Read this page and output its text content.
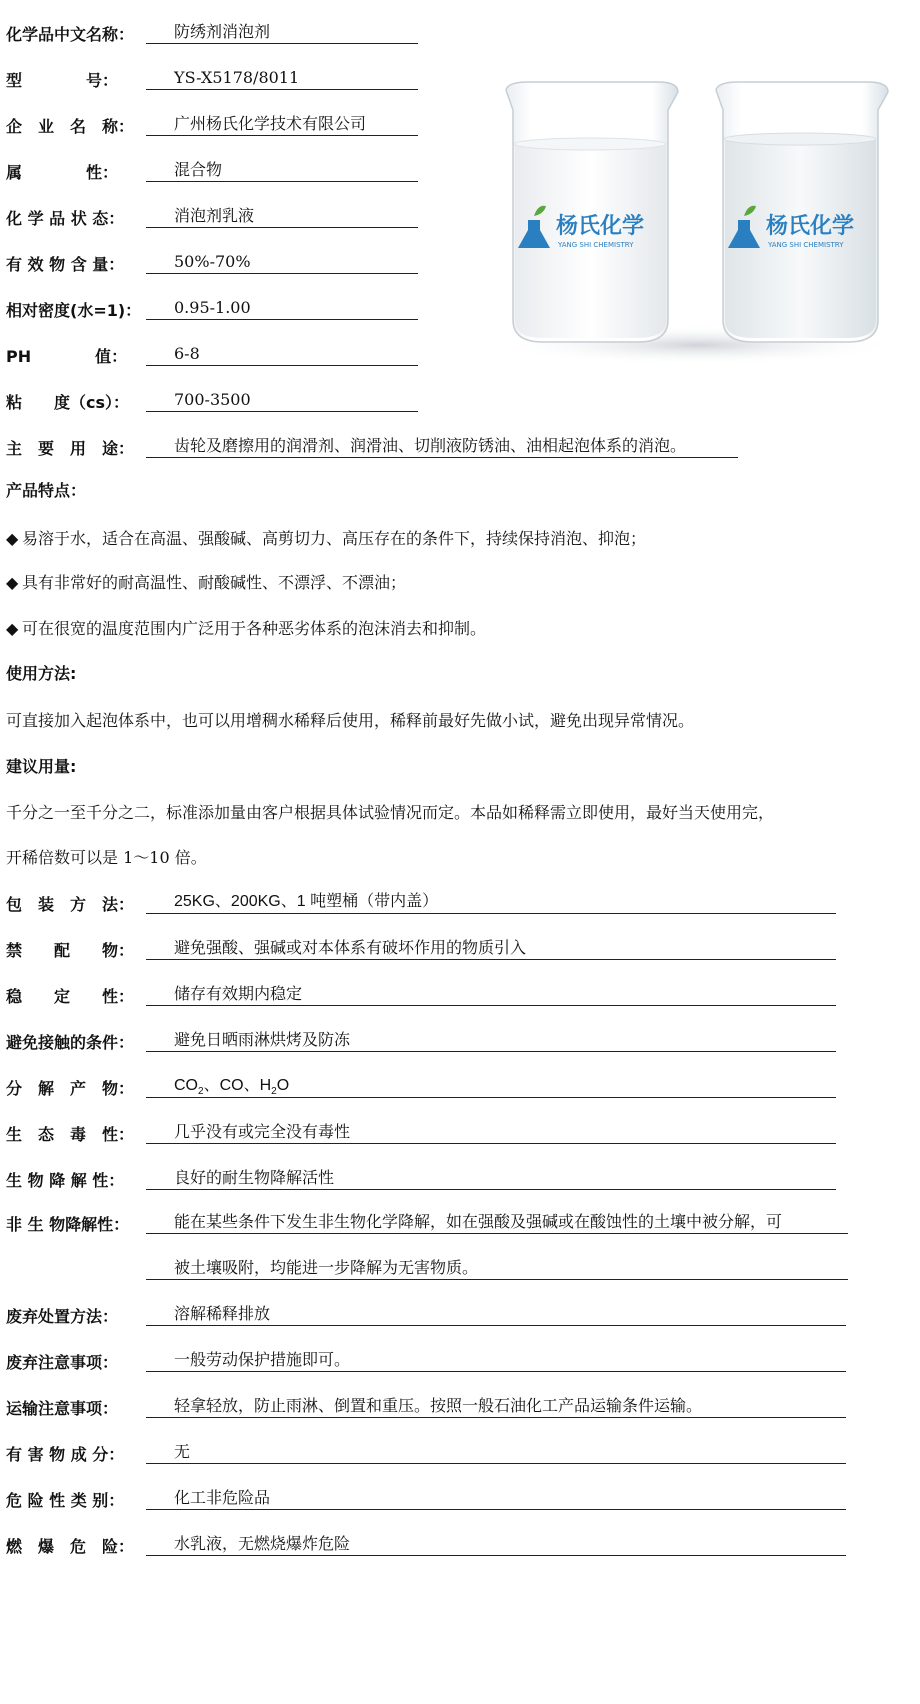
化学品中文名称：	防绣剂消泡剂
型　　　　号：	YS-X5178/8011
企　业　名　称：	广州杨氏化学技术有限公司
属　　　　性：	混合物
化 学 品 状 态：	消泡剂乳液
有 效 物 含 量：	50%-70%
相对密度(水=1)：	0.95-1.00
PH　　　　值：	6-8
粘　　度（cs）：	700-3500
主　要　用　途：	齿轮及磨擦用的润滑剂、润滑油、切削液防锈油、油相起泡体系的消泡。
杨氏化学
YANG SHI CHEMISTRY
杨氏化学
YANG SHI CHEMISTRY
产品特点：
◆ 易溶于水，适合在高温、强酸碱、高剪切力、高压存在的条件下，持续保持消泡、抑泡；
◆ 具有非常好的耐高温性、耐酸碱性、不漂浮、不漂油；
◆ 可在很宽的温度范围内广泛用于各种恶劣体系的泡沫消去和抑制。
使用方法:
可直接加入起泡体系中，也可以用增稠水稀释后使用，稀释前最好先做小试，避免出现异常情况。
建议用量:
千分之一至千分之二，标准添加量由客户根据具体试验情况而定。本品如稀释需立即使用，最好当天使用完，
开稀倍数可以是 1～10 倍。
包　装　方　法：	25KG、200KG、1 吨塑桶（带内盖）
禁　　配　　物：	避免强酸、强碱或对本体系有破坏作用的物质引入
稳　　定　　性：	储存有效期内稳定
避免接触的条件：	避免日晒雨淋烘烤及防冻
分　解　产　物：	$CO_2$、CO、$H_2O$
生　态　毒　性：	几乎没有或完全没有毒性
生 物 降 解 性：	良好的耐生物降解活性
非 生 物降解性：	能在某些条件下发生非生物化学降解，如在强酸及强碱或在酸蚀性的土壤中被分解，可
被土壤吸附，均能进一步降解为无害物质。
废弃处置方法：	溶解稀释排放
废弃注意事项：	一般劳动保护措施即可。
运输注意事项：	轻拿轻放，防止雨淋、倒置和重压。按照一般石油化工产品运输条件运输。
有 害 物 成 分：	无
危 险 性 类 别：	化工非危险品
燃　爆　危　险：	水乳液，无燃烧爆炸危险
